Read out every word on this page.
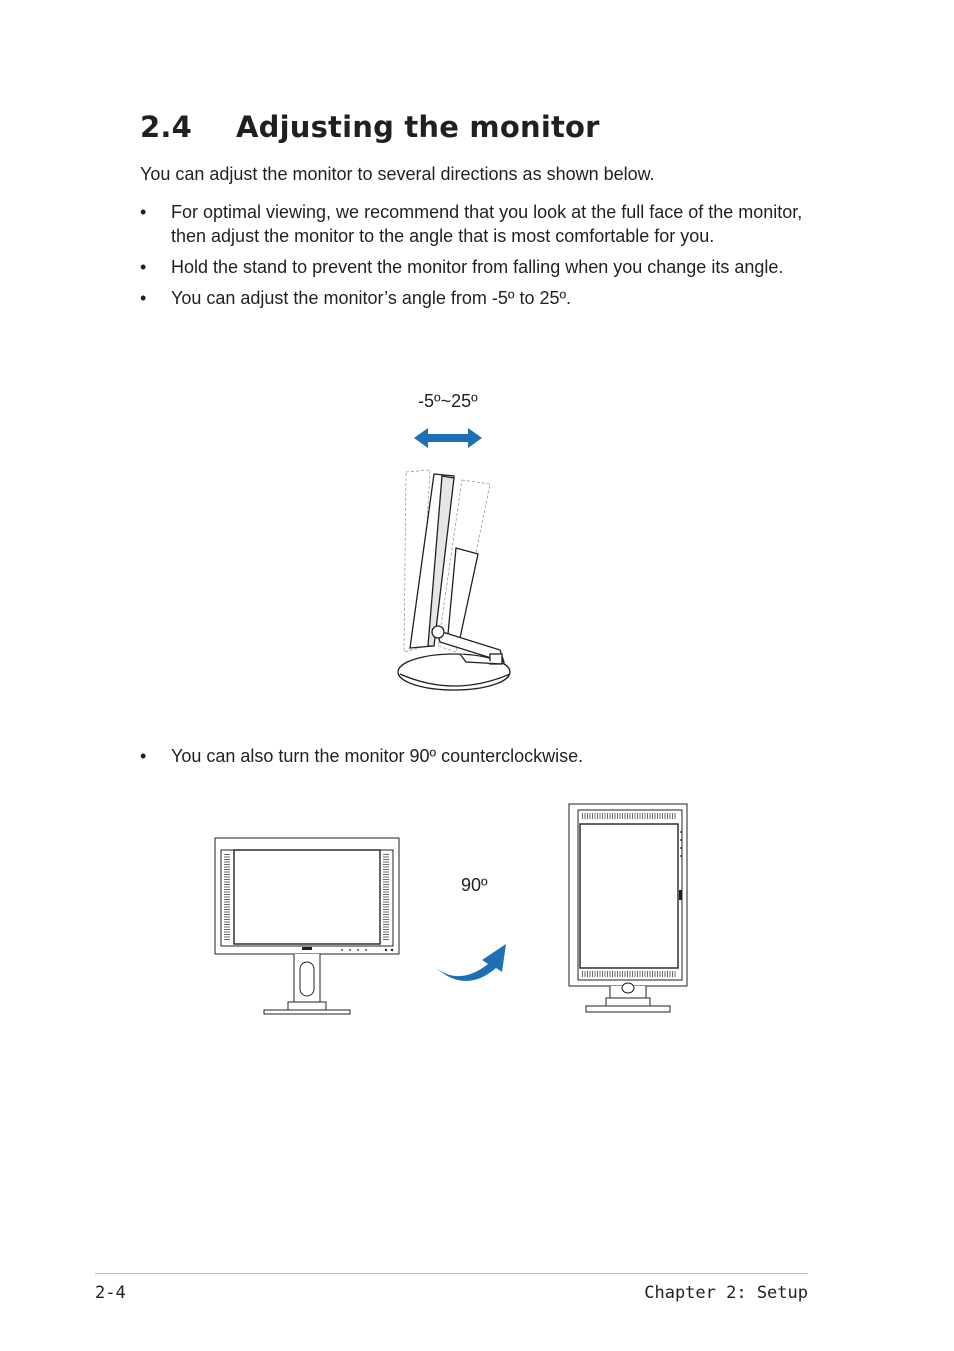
2.4 Adjusting the monitor

You can adjust the monitor to several directions as shown below.

• For optimal viewing, we recommend that you look at the full face of the monitor, then adjust the monitor to the angle that is most comfortable for you.
• Hold the stand to prevent the monitor from falling when you change its angle.
• You can adjust the monitor’s angle from -5º to 25º.
-5º~25º

• You can also turn the monitor 90º counterclockwise.

90º
2-4	Chapter 2: Setup
